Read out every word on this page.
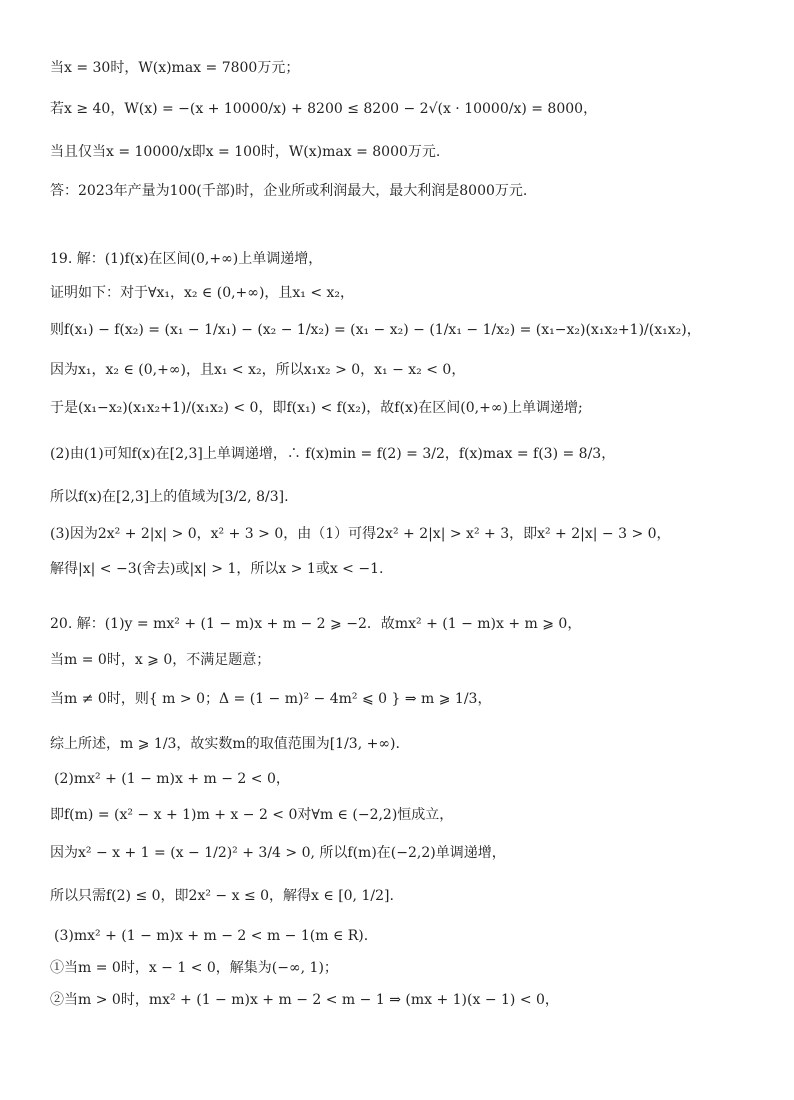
当x = 30时，W(x)max = 7800万元；
若x ≥ 40，W(x) = −(x + 10000/x) + 8200 ≤ 8200 − 2√(x · 10000/x) = 8000，
当且仅当x = 10000/x即x = 100时，W(x)max = 8000万元.
答：2023年产量为100(千部)时，企业所或利润最大，最大利润是8000万元.
19. 解：(1)f(x)在区间(0,+∞)上单调递增，
证明如下：对于∀x₁，x₂ ∈ (0,+∞)，且x₁ < x₂，
则f(x₁) − f(x₂) = (x₁ − 1/x₁) − (x₂ − 1/x₂) = (x₁ − x₂) − (1/x₁ − 1/x₂) = (x₁−x₂)(x₁x₂+1)/(x₁x₂)，
因为x₁，x₂ ∈ (0,+∞)，且x₁ < x₂，所以x₁x₂ > 0，x₁ − x₂ < 0，
于是(x₁−x₂)(x₁x₂+1)/(x₁x₂) < 0，即f(x₁) < f(x₂)，故f(x)在区间(0,+∞)上单调递增;
(2)由(1)可知f(x)在[2,3]上单调递增，∴ f(x)min = f(2) = 3/2，f(x)max = f(3) = 8/3，
所以f(x)在[2,3]上的值域为[3/2, 8/3].
(3)因为2x² + 2|x| > 0，x² + 3 > 0，由（1）可得2x² + 2|x| > x² + 3，即x² + 2|x| − 3 > 0，
解得|x| < −3(舍去)或|x| > 1，所以x > 1或x < −1.
20. 解：(1)y = mx² + (1 − m)x + m − 2 ⩾ −2．故mx² + (1 − m)x + m ⩾ 0，
当m = 0时，x ⩾ 0，不满足题意；
当m ≠ 0时，则{ m > 0；Δ = (1 − m)² − 4m² ⩽ 0 } ⇒ m ⩾ 1/3，
综上所述，m ⩾ 1/3，故实数m的取值范围为[1/3, +∞).
(2)mx² + (1 − m)x + m − 2 < 0，
即f(m) = (x² − x + 1)m + x − 2 < 0对∀m ∈ (−2,2)恒成立，
因为x² − x + 1 = (x − 1/2)² + 3/4 > 0, 所以f(m)在(−2,2)单调递增，
所以只需f(2) ≤ 0，即2x² − x ≤ 0，解得x ∈ [0, 1/2].
(3)mx² + (1 − m)x + m − 2 < m − 1(m ∈ R).
①当m = 0时，x − 1 < 0，解集为(−∞, 1)；
②当m > 0时，mx² + (1 − m)x + m − 2 < m − 1 ⇒ (mx + 1)(x − 1) < 0，
